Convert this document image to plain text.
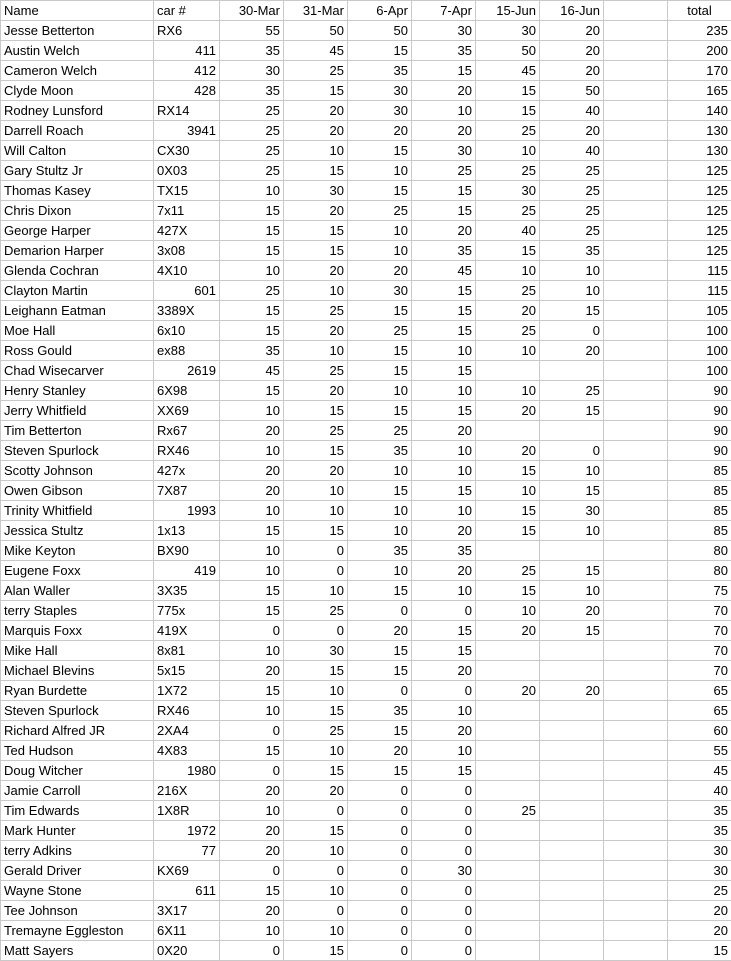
Name	car #	30-Mar	31-Mar	6-Apr	7-Apr	15-Jun	16-Jun		total
Jesse Betterton	RX6	55	50	50	30	30	20		235
Austin Welch	411	35	45	15	35	50	20		200
Cameron Welch	412	30	25	35	15	45	20		170
Clyde Moon	428	35	15	30	20	15	50		165
Rodney Lunsford	RX14	25	20	30	10	15	40		140
Darrell Roach	3941	25	20	20	20	25	20		130
Will Calton	CX30	25	10	15	30	10	40		130
Gary Stultz Jr	0X03	25	15	10	25	25	25		125
Thomas Kasey	TX15	10	30	15	15	30	25		125
Chris Dixon	7x11	15	20	25	15	25	25		125
George Harper	427X	15	15	10	20	40	25		125
Demarion Harper	3x08	15	15	10	35	15	35		125
Glenda Cochran	4X10	10	20	20	45	10	10		115
Clayton Martin	601	25	10	30	15	25	10		115
Leighann Eatman	3389X	15	25	15	15	20	15		105
Moe Hall	6x10	15	20	25	15	25	0		100
Ross Gould	ex88	35	10	15	10	10	20		100
Chad Wisecarver	2619	45	25	15	15				100
Henry Stanley	6X98	15	20	10	10	10	25		90
Jerry Whitfield	XX69	10	15	15	15	20	15		90
Tim Betterton	Rx67	20	25	25	20				90
Steven Spurlock	RX46	10	15	35	10	20	0		90
Scotty Johnson	427x	20	20	10	10	15	10		85
Owen Gibson	7X87	20	10	15	15	10	15		85
Trinity Whitfield	1993	10	10	10	10	15	30		85
Jessica Stultz	1x13	15	15	10	20	15	10		85
Mike Keyton	BX90	10	0	35	35				80
Eugene Foxx	419	10	0	10	20	25	15		80
Alan Waller	3X35	15	10	15	10	15	10		75
terry Staples	775x	15	25	0	0	10	20		70
Marquis Foxx	419X	0	0	20	15	20	15		70
Mike Hall	8x81	10	30	15	15				70
Michael Blevins	5x15	20	15	15	20				70
Ryan Burdette	1X72	15	10	0	0	20	20		65
Steven Spurlock	RX46	10	15	35	10				65
Richard Alfred JR	2XA4	0	25	15	20				60
Ted Hudson	4X83	15	10	20	10				55
Doug Witcher	1980	0	15	15	15				45
Jamie Carroll	216X	20	20	0	0				40
Tim Edwards	1X8R	10	0	0	0	25			35
Mark Hunter	1972	20	15	0	0				35
terry Adkins	77	20	10	0	0				30
Gerald Driver	KX69	0	0	0	30				30
Wayne Stone	611	15	10	0	0				25
Tee Johnson	3X17	20	0	0	0				20
Tremayne Eggleston	6X11	10	10	0	0				20
Matt Sayers	0X20	0	15	0	0				15
